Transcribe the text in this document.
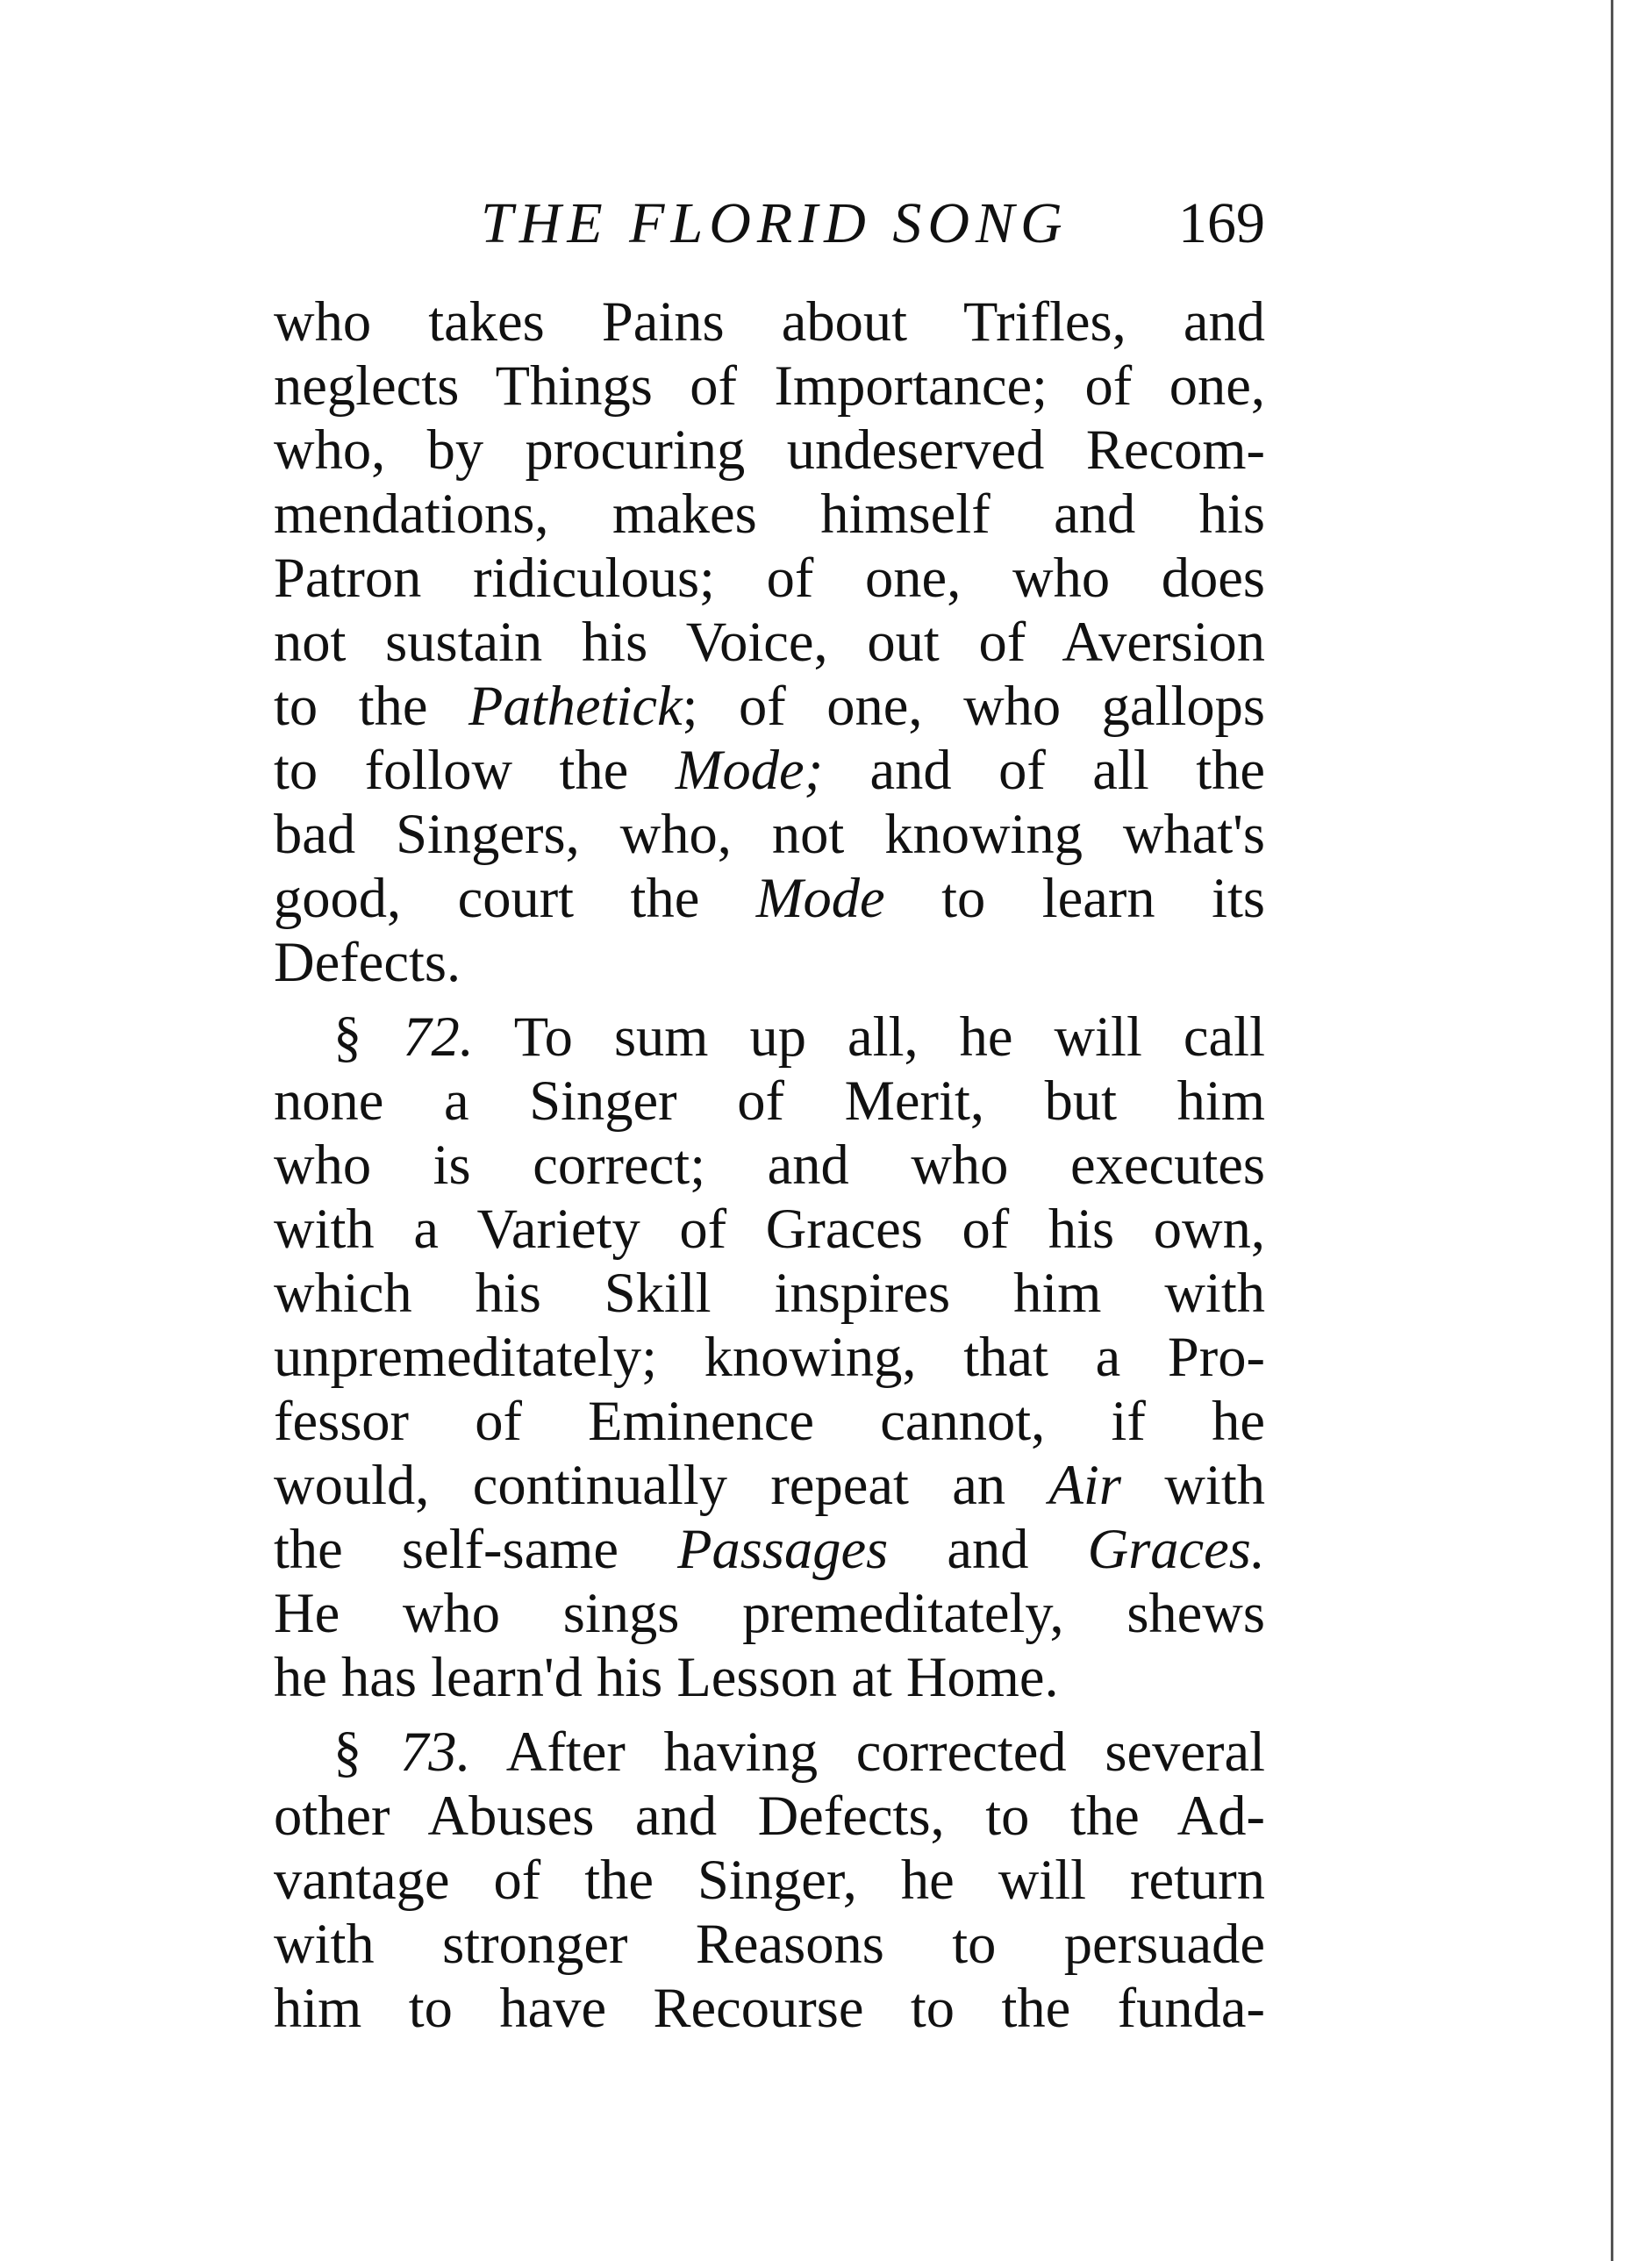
THE FLORID SONG 169
who takes Pains about Trifles, and
neglects Things of Importance; of one,
who, by procuring undeserved Recom-
mendations, makes himself and his
Patron ridiculous; of one, who does
not sustain his Voice, out of Aversion
to the Pathetick; of one, who gallops
to follow the Mode; and of all the
bad Singers, who, not knowing what's
good, court the Mode to learn its
Defects.
§ 72. To sum up all, he will call
none a Singer of Merit, but him
who is correct; and who executes
with a Variety of Graces of his own,
which his Skill inspires him with
unpremeditately; knowing, that a Pro-
fessor of Eminence cannot, if he
would, continually repeat an Air with
the self-same Passages and Graces.
He who sings premeditately, shews
he has learn'd his Lesson at Home.
§ 73. After having corrected several
other Abuses and Defects, to the Ad-
vantage of the Singer, he will return
with stronger Reasons to persuade
him to have Recourse to the funda-
